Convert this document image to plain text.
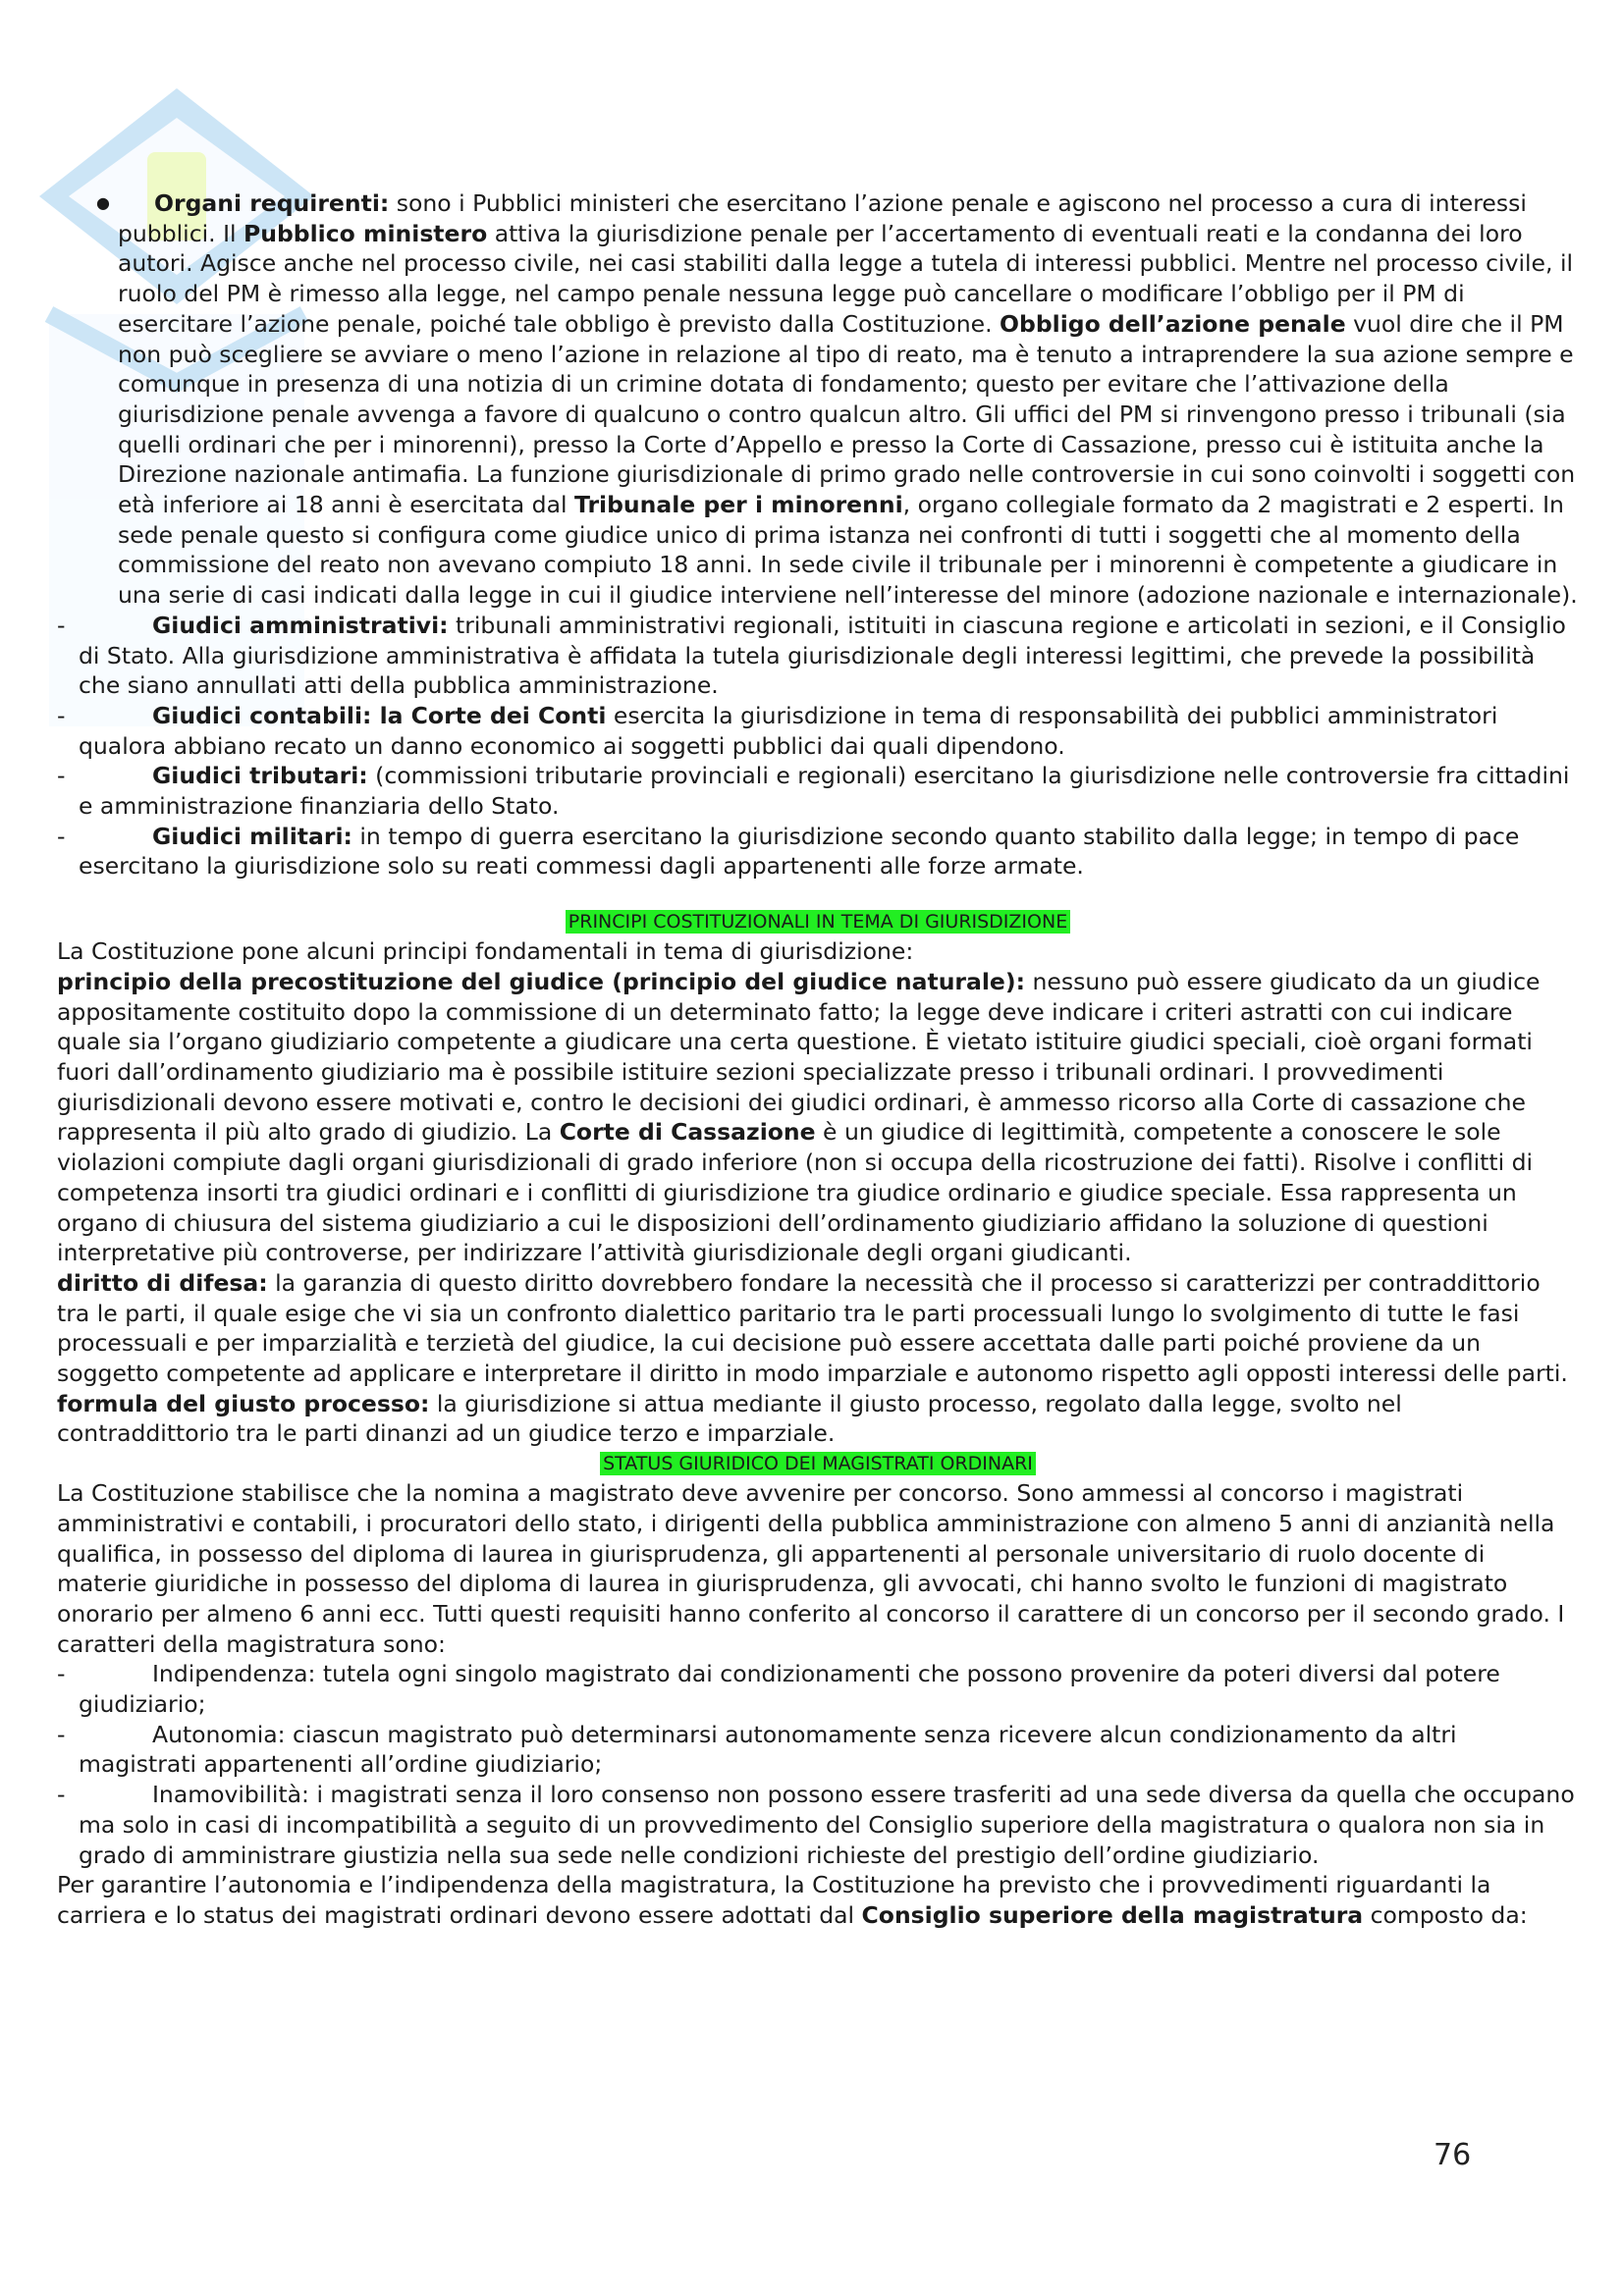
● Organi requirenti: sono i Pubblici ministeri che esercitano l’azione penale e agiscono nel processo a cura di interessi pubblici. Il Pubblico ministero attiva la giurisdizione penale per l’accertamento di eventuali reati e la condanna dei loro autori. Agisce anche nel processo civile, nei casi stabiliti dalla legge a tutela di interessi pubblici. Mentre nel processo civile, il ruolo del PM è rimesso alla legge, nel campo penale nessuna legge può cancellare o modificare l’obbligo per il PM di esercitare l’azione penale, poiché tale obbligo è previsto dalla Costituzione. Obbligo dell’azione penale vuol dire che il PM non può scegliere se avviare o meno l’azione in relazione al tipo di reato, ma è tenuto a intraprendere la sua azione sempre e comunque in presenza di una notizia di un crimine dotata di fondamento; questo per evitare che l’attivazione della giurisdizione penale avvenga a favore di qualcuno o contro qualcun altro. Gli uffici del PM si rinvengono presso i tribunali (sia quelli ordinari che per i minorenni), presso la Corte d’Appello e presso la Corte di Cassazione, presso cui è istituita anche la Direzione nazionale antimafia. La funzione giurisdizionale di primo grado nelle controversie in cui sono coinvolti i soggetti con età inferiore ai 18 anni è esercitata dal Tribunale per i minorenni, organo collegiale formato da 2 magistrati e 2 esperti. In sede penale questo si configura come giudice unico di prima istanza nei confronti di tutti i soggetti che al momento della commissione del reato non avevano compiuto 18 anni. In sede civile il tribunale per i minorenni è competente a giudicare in una serie di casi indicati dalla legge in cui il giudice interviene nell’interesse del minore (adozione nazionale e internazionale).

-	Giudici amministrativi: tribunali amministrativi regionali, istituiti in ciascuna regione e articolati in sezioni, e il Consiglio di Stato. Alla giurisdizione amministrativa è affidata la tutela giurisdizionale degli interessi legittimi, che prevede la possibilità che siano annullati atti della pubblica amministrazione.

-	Giudici contabili: la Corte dei Conti esercita la giurisdizione in tema di responsabilità dei pubblici amministratori qualora abbiano recato un danno economico ai soggetti pubblici dai quali dipendono.

-	Giudici tributari: (commissioni tributarie provinciali e regionali) esercitano la giurisdizione nelle controversie fra cittadini e amministrazione finanziaria dello Stato.

-	Giudici militari: in tempo di guerra esercitano la giurisdizione secondo quanto stabilito dalla legge; in tempo di pace esercitano la giurisdizione solo su reati commessi dagli appartenenti alle forze armate.

PRINCIPI COSTITUZIONALI IN TEMA DI GIURISDIZIONE

La Costituzione pone alcuni principi fondamentali in tema di giurisdizione:

principio della precostituzione del giudice (principio del giudice naturale): nessuno può essere giudicato da un giudice appositamente costituito dopo la commissione di un determinato fatto; la legge deve indicare i criteri astratti con cui indicare quale sia l’organo giudiziario competente a giudicare una certa questione. È vietato istituire giudici speciali, cioè organi formati fuori dall’ordinamento giudiziario ma è possibile istituire sezioni specializzate presso i tribunali ordinari. I provvedimenti giurisdizionali devono essere motivati e, contro le decisioni dei giudici ordinari, è ammesso ricorso alla Corte di cassazione che rappresenta il più alto grado di giudizio. La Corte di Cassazione è un giudice di legittimità, competente a conoscere le sole violazioni compiute dagli organi giurisdizionali di grado inferiore (non si occupa della ricostruzione dei fatti). Risolve i conflitti di competenza insorti tra giudici ordinari e i conflitti di giurisdizione tra giudice ordinario e giudice speciale. Essa rappresenta un organo di chiusura del sistema giudiziario a cui le disposizioni dell’ordinamento giudiziario affidano la soluzione di questioni interpretative più controverse, per indirizzare l’attività giurisdizionale degli organi giudicanti.

diritto di difesa: la garanzia di questo diritto dovrebbero fondare la necessità che il processo si caratterizzi per contraddittorio tra le parti, il quale esige che vi sia un confronto dialettico paritario tra le parti processuali lungo lo svolgimento di tutte le fasi processuali e per imparzialità e terzietà del giudice, la cui decisione può essere accettata dalle parti poiché proviene da un soggetto competente ad applicare e interpretare il diritto in modo imparziale e autonomo rispetto agli opposti interessi delle parti.

formula del giusto processo: la giurisdizione si attua mediante il giusto processo, regolato dalla legge, svolto nel contraddittorio tra le parti dinanzi ad un giudice terzo e imparziale.

STATUS GIURIDICO DEI MAGISTRATI ORDINARI

La Costituzione stabilisce che la nomina a magistrato deve avvenire per concorso. Sono ammessi al concorso i magistrati amministrativi e contabili, i procuratori dello stato, i dirigenti della pubblica amministrazione con almeno 5 anni di anzianità nella qualifica, in possesso del diploma di laurea in giurisprudenza, gli appartenenti al personale universitario di ruolo docente di materie giuridiche in possesso del diploma di laurea in giurisprudenza, gli avvocati, chi hanno svolto le funzioni di magistrato onorario per almeno 6 anni ecc. Tutti questi requisiti hanno conferito al concorso il carattere di un concorso per il secondo grado. I caratteri della magistratura sono:

-	Indipendenza: tutela ogni singolo magistrato dai condizionamenti che possono provenire da poteri diversi dal potere giudiziario;

-	Autonomia: ciascun magistrato può determinarsi autonomamente senza ricevere alcun condizionamento da altri magistrati appartenenti all’ordine giudiziario;

-	Inamovibilità: i magistrati senza il loro consenso non possono essere trasferiti ad una sede diversa da quella che occupano ma solo in casi di incompatibilità a seguito di un provvedimento del Consiglio superiore della magistratura o qualora non sia in grado di amministrare giustizia nella sua sede nelle condizioni richieste del prestigio dell’ordine giudiziario.

Per garantire l’autonomia e l’indipendenza della magistratura, la Costituzione ha previsto che i provvedimenti riguardanti la carriera e lo status dei magistrati ordinari devono essere adottati dal Consiglio superiore della magistratura composto da:

76
